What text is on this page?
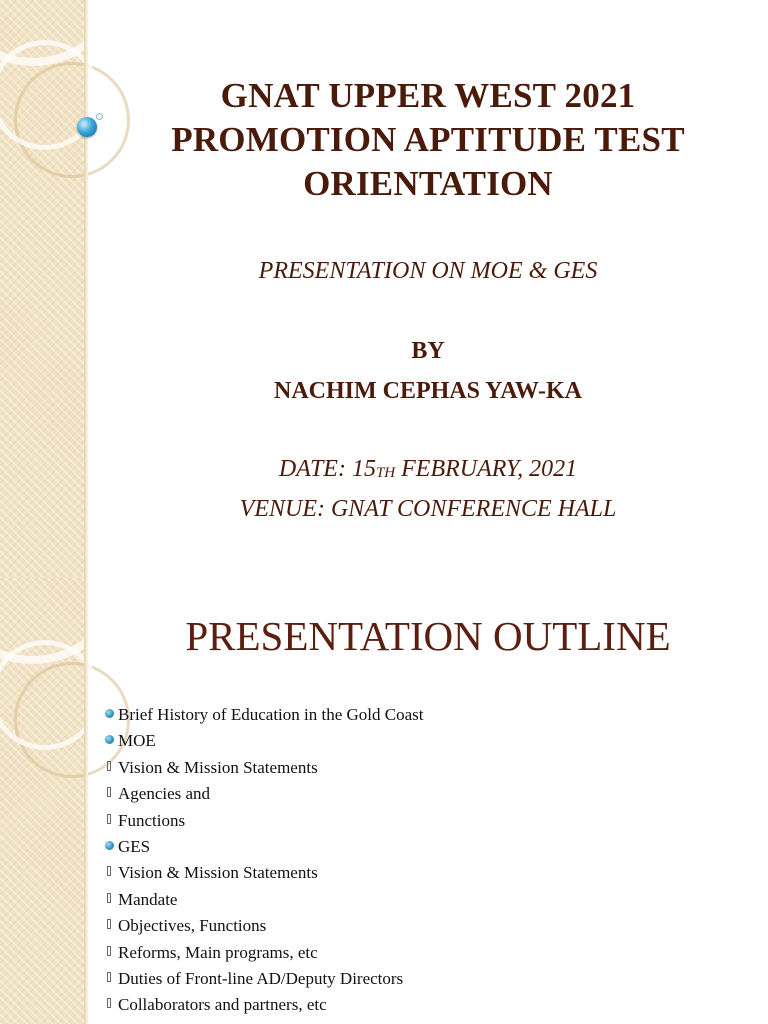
GNAT UPPER WEST 2021
PROMOTION APTITUDE TEST
ORIENTATION
PRESENTATION ON MOE & GES
BY
NACHIM CEPHAS YAW-KA
DATE: 15TH FEBRUARY, 2021
VENUE: GNAT CONFERENCE HALL
PRESENTATION OUTLINE
Brief History of Education in the Gold Coast
MOE
Vision & Mission Statements
Agencies and
Functions
GES
Vision & Mission Statements
Mandate
Objectives, Functions
Reforms, Main programs, etc
Duties of Front-line AD/Deputy Directors
Collaborators and partners, etc
